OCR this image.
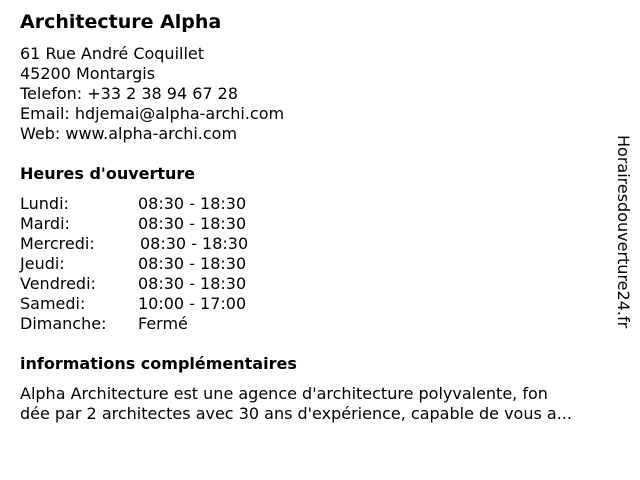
Architecture Alpha
61 Rue André Coquillet
45200 Montargis
Telefon: +33 2 38 94 67 28
Email: hdjemai@alpha-archi.com
Web: www.alpha-archi.com
Heures d'ouverture
Lundi:	08:30 - 18:30
Mardi:	08:30 - 18:30
Mercredi:	08:30 - 18:30
Jeudi:	08:30 - 18:30
Vendredi:	08:30 - 18:30
Samedi:	10:00 - 17:00
Dimanche: Fermé
informations complémentaires
Alpha Architecture est une agence d'architecture polyvalente, fon
dée par 2 architectes avec 30 ans d'expérience, capable de vous a...
Horairesdouverture24.fr
